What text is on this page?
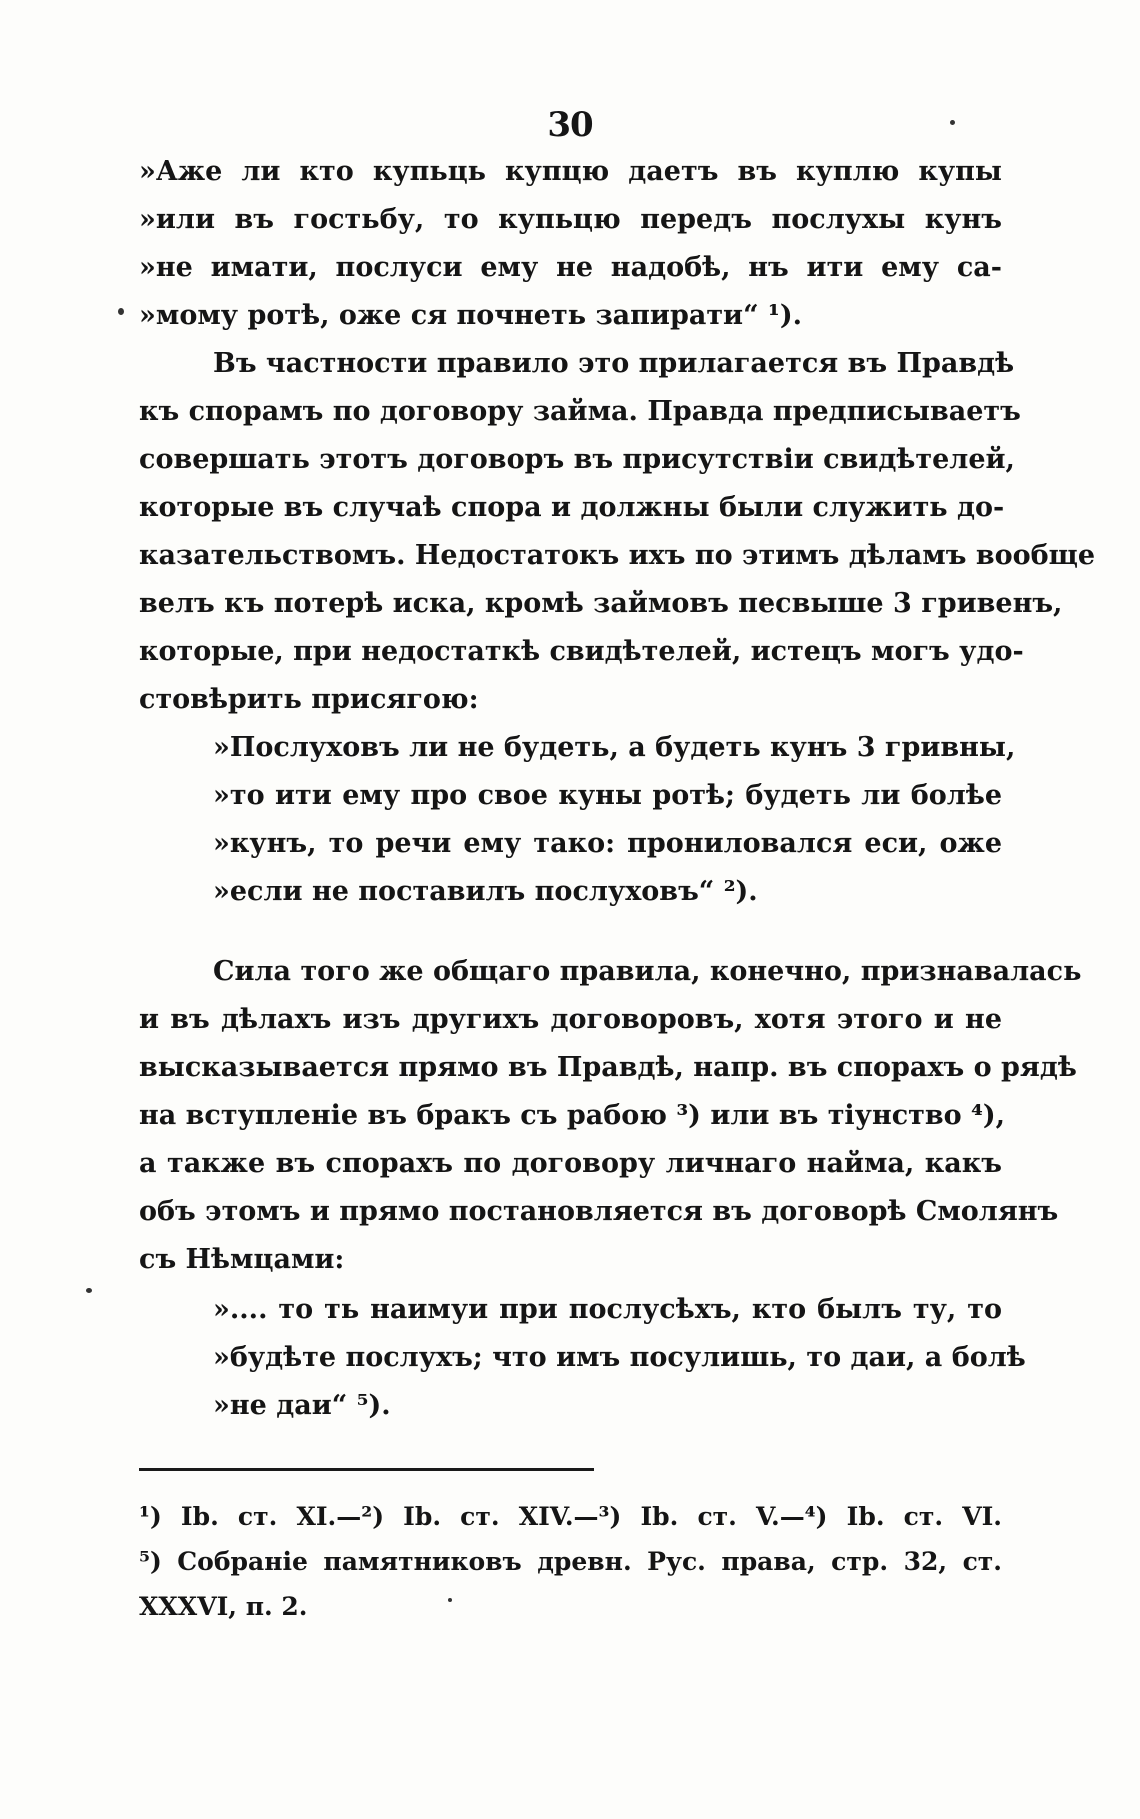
30
»Аже ли кто купьць купцю даетъ въ куплю купы
»или въ гостьбу, то купьцю передъ послухы кунъ
»не имати, послуси ему не надобѣ, нъ ити ему са-
»мому ротѣ, оже ся почнеть запирати“ ¹).
Въ частности правило это прилагается въ Правдѣ
къ спорамъ по договору займа. Правда предписываетъ
совершать этотъ договоръ въ присутствіи свидѣтелей,
которые въ случаѣ спора и должны были служить до-
казательствомъ. Недостатокъ ихъ по этимъ дѣламъ вообще
велъ къ потерѣ иска, кромѣ займовъ песвыше 3 гривенъ,
которые, при недостаткѣ свидѣтелей, истецъ могъ удо-
стовѣрить присягою:
»Послуховъ ли не будеть, а будеть кунъ 3 гривны,
»то ити ему про свое куны ротѣ; будеть ли болѣе
»кунъ, то речи ему тако: прониловался еси, оже
»если не поставилъ послуховъ“ ²).
Сила того же общаго правила, конечно, признавалась
и въ дѣлахъ изъ другихъ договоровъ, хотя этого и не
высказывается прямо въ Правдѣ, напр. въ спорахъ о рядѣ
на вступленіе въ бракъ съ рабою ³) или въ тіунство ⁴),
а также въ спорахъ по договору личнаго найма, какъ
объ этомъ и прямо постановляется въ договорѣ Смолянъ
съ Нѣмцами:
».... то ть наимуи при послусѣхъ, кто былъ ту, то
»будѣте послухъ; что имъ посулишь, то даи, а болѣ
»не даи“ ⁵).
¹) Ib. ст. XI.—²) Ib. ст. XIV.—³) Ib. ст. V.—⁴) Ib. ст. VI.
⁵) Собраніе памятниковъ древн. Рус. права, стр. 32, ст.
XXXVI, п. 2.
